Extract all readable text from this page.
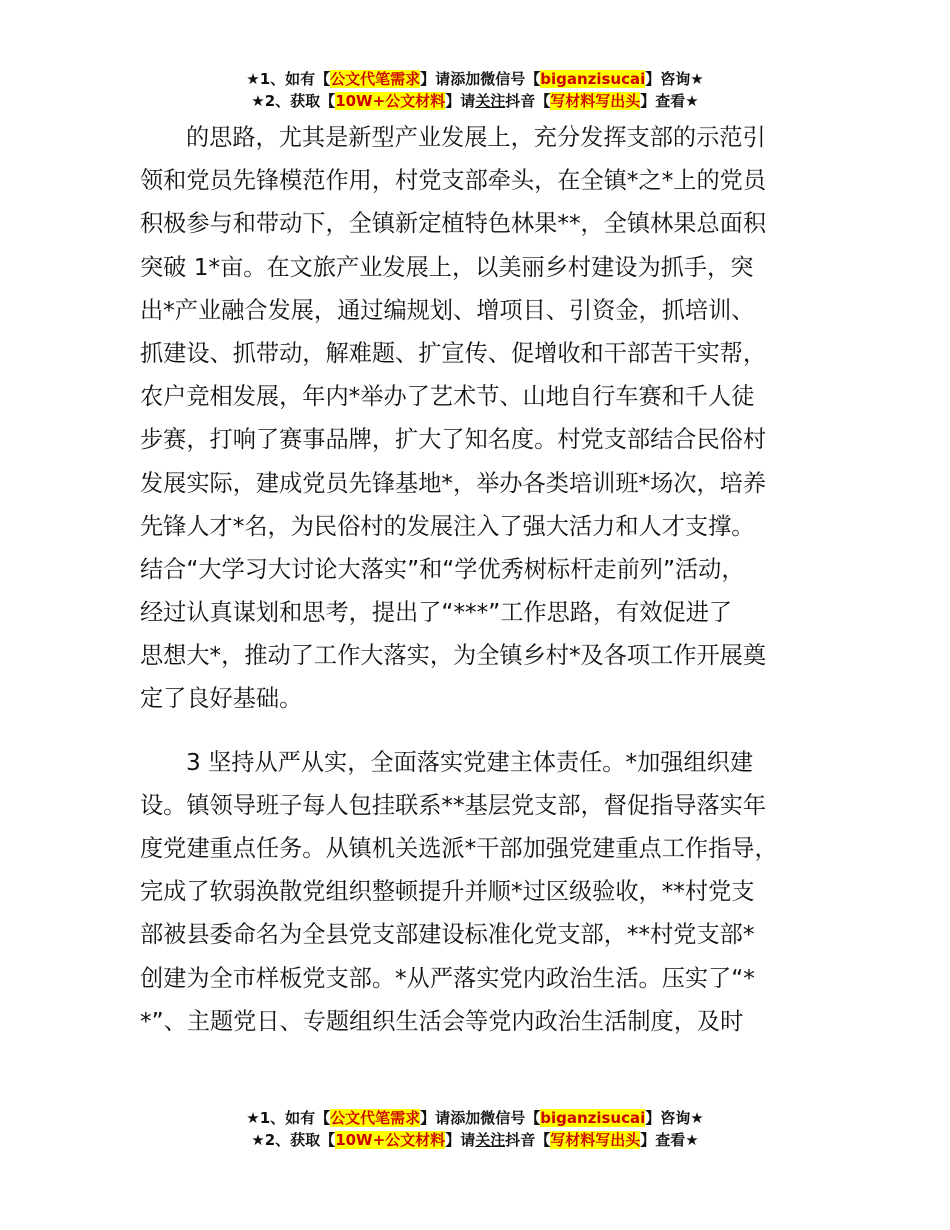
★1、如有【公文代笔需求】请添加微信号【biganzisucai】咨询★
★2、获取【10W+公文材料】请关注抖音【写材料写出头】查看★
的思路，尤其是新型产业发展上，充分发挥支部的示范引
领和党员先锋模范作用，村党支部牵头，在全镇*之*上的党员
积极参与和带动下，全镇新定植特色林果**，全镇林果总面积
突破 1*亩。在文旅产业发展上，以美丽乡村建设为抓手，突
出*产业融合发展，通过编规划、增项目、引资金，抓培训、
抓建设、抓带动，解难题、扩宣传、促增收和干部苦干实帮，
农户竞相发展，年内*举办了艺术节、山地自行车赛和千人徒
步赛，打响了赛事品牌，扩大了知名度。村党支部结合民俗村
发展实际，建成党员先锋基地*，举办各类培训班*场次，培养
先锋人才*名，为民俗村的发展注入了强大活力和人才支撑。
结合“大学习大讨论大落实”和“学优秀树标杆走前列”活动，
经过认真谋划和思考，提出了“***”工作思路，有效促进了
思想大*，推动了工作大落实，为全镇乡村*及各项工作开展奠
定了良好基础。
3 坚持从严从实，全面落实党建主体责任。*加强组织建
设。镇领导班子每人包挂联系**基层党支部，督促指导落实年
度党建重点任务。从镇机关选派*干部加强党建重点工作指导，
完成了软弱涣散党组织整顿提升并顺*过区级验收，**村党支
部被县委命名为全县党支部建设标准化党支部，**村党支部*
创建为全市样板党支部。*从严落实党内政治生活。压实了“*
*”、主题党日、专题组织生活会等党内政治生活制度，及时
★1、如有【公文代笔需求】请添加微信号【biganzisucai】咨询★
★2、获取【10W+公文材料】请关注抖音【写材料写出头】查看★
